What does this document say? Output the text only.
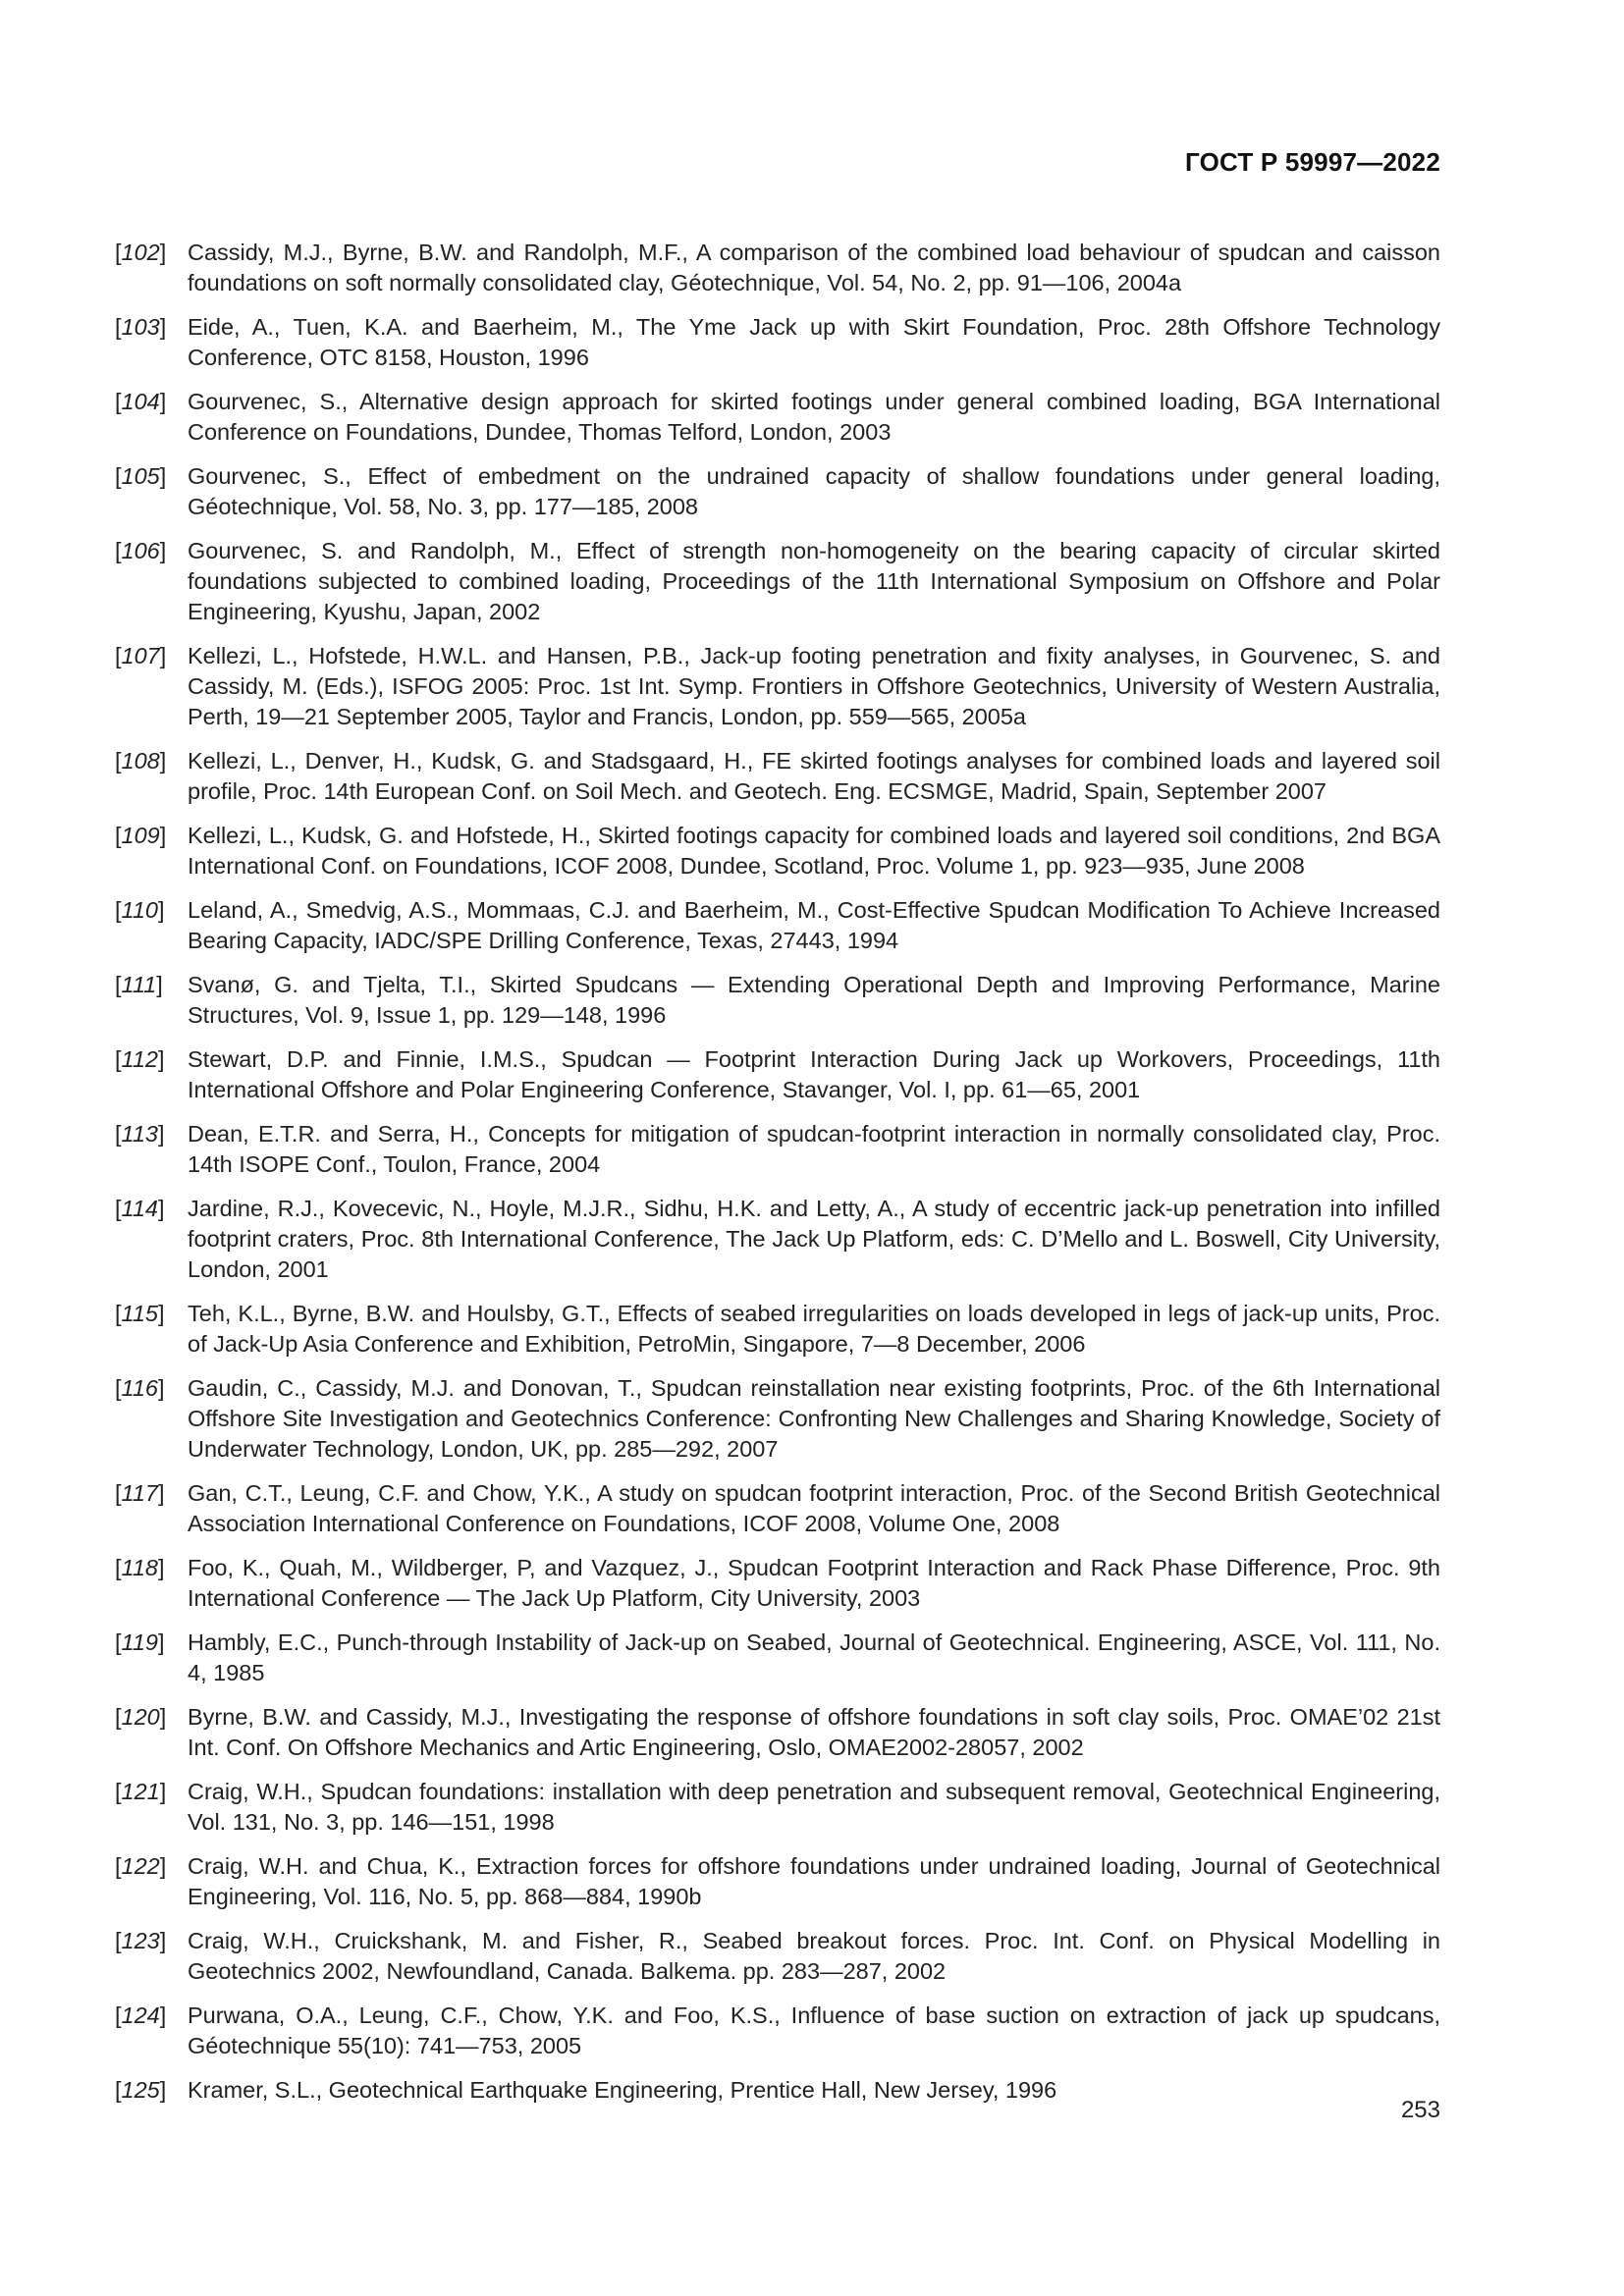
ГОСТ Р 59997—2022
[102] Cassidy, M.J., Byrne, B.W. and Randolph, M.F., A comparison of the combined load behaviour of spudcan and caisson foundations on soft normally consolidated clay, Géotechnique, Vol. 54, No. 2, pp. 91—106, 2004a
[103] Eide, A., Tuen, K.A. and Baerheim, M., The Yme Jack up with Skirt Foundation, Proc. 28th Offshore Technology Conference, OTC 8158, Houston, 1996
[104] Gourvenec, S., Alternative design approach for skirted footings under general combined loading, BGA International Conference on Foundations, Dundee, Thomas Telford, London, 2003
[105] Gourvenec, S., Effect of embedment on the undrained capacity of shallow foundations under general loading, Géotechnique, Vol. 58, No. 3, pp. 177—185, 2008
[106] Gourvenec, S. and Randolph, M., Effect of strength non-homogeneity on the bearing capacity of circular skirted foundations subjected to combined loading, Proceedings of the 11th International Symposium on Offshore and Polar Engineering, Kyushu, Japan, 2002
[107] Kellezi, L., Hofstede, H.W.L. and Hansen, P.B., Jack-up footing penetration and fixity analyses, in Gourvenec, S. and Cassidy, M. (Eds.), ISFOG 2005: Proc. 1st Int. Symp. Frontiers in Offshore Geotechnics, University of Western Australia, Perth, 19—21 September 2005, Taylor and Francis, London, pp. 559—565, 2005a
[108] Kellezi, L., Denver, H., Kudsk, G. and Stadsgaard, H., FE skirted footings analyses for combined loads and layered soil profile, Proc. 14th European Conf. on Soil Mech. and Geotech. Eng. ECSMGE, Madrid, Spain, September 2007
[109] Kellezi, L., Kudsk, G. and Hofstede, H., Skirted footings capacity for combined loads and layered soil conditions, 2nd BGA International Conf. on Foundations, ICOF 2008, Dundee, Scotland, Proc. Volume 1, pp. 923—935, June 2008
[110] Leland, A., Smedvig, A.S., Mommaas, C.J. and Baerheim, M., Cost-Effective Spudcan Modification To Achieve Increased Bearing Capacity, IADC/SPE Drilling Conference, Texas, 27443, 1994
[111]	Svanø, G. and Tjelta, T.I., Skirted Spudcans — Extending Operational Depth and Improving Performance, Marine Structures, Vol. 9, Issue 1, pp. 129—148, 1996
[112] Stewart, D.P. and Finnie, I.M.S., Spudcan — Footprint Interaction During Jack up Workovers, Proceedings, 11th International Offshore and Polar Engineering Conference, Stavanger, Vol. I, pp. 61—65, 2001
[113] Dean, E.T.R. and Serra, H., Concepts for mitigation of spudcan-footprint interaction in normally consolidated clay, Proc. 14th ISOPE Conf., Toulon, France, 2004
[114] Jardine, R.J., Kovecevic, N., Hoyle, M.J.R., Sidhu, H.K. and Letty, A., A study of eccentric jack-up penetration into infilled footprint craters, Proc. 8th International Conference, The Jack Up Platform, eds: C. D’Mello and L. Boswell, City University, London, 2001
[115] Teh, K.L., Byrne, B.W. and Houlsby, G.T., Effects of seabed irregularities on loads developed in legs of jack-up units, Proc. of Jack-Up Asia Conference and Exhibition, PetroMin, Singapore, 7—8 December, 2006
[116] Gaudin, C., Cassidy, M.J. and Donovan, T., Spudcan reinstallation near existing footprints, Proc. of the 6th International Offshore Site Investigation and Geotechnics Conference: Confronting New Challenges and Sharing Knowledge, Society of Underwater Technology, London, UK, pp. 285—292, 2007
[117] Gan, C.T., Leung, C.F. and Chow, Y.K., A study on spudcan footprint interaction, Proc. of the Second British Geotechnical Association International Conference on Foundations, ICOF 2008, Volume One, 2008
[118] Foo, K., Quah, M., Wildberger, P, and Vazquez, J., Spudcan Footprint Interaction and Rack Phase Difference, Proc. 9th International Conference — The Jack Up Platform, City University, 2003
[119] Hambly, E.C., Punch-through Instability of Jack-up on Seabed, Journal of Geotechnical. Engineering, ASCE, Vol. 111, No. 4, 1985
[120] Byrne, B.W. and Cassidy, M.J., Investigating the response of offshore foundations in soft clay soils, Proc. OMAE’02 21st Int. Conf. On Offshore Mechanics and Artic Engineering, Oslo, OMAE2002-28057, 2002
[121] Craig, W.H., Spudcan foundations: installation with deep penetration and subsequent removal, Geotechnical Engineering, Vol. 131, No. 3, pp. 146—151, 1998
[122] Craig, W.H. and Chua, K., Extraction forces for offshore foundations under undrained loading, Journal of Geotechnical Engineering, Vol. 116, No. 5, pp. 868—884, 1990b
[123] Craig, W.H., Cruickshank, M. and Fisher, R., Seabed breakout forces. Proc. Int. Conf. on Physical Modelling in Geotechnics 2002, Newfoundland, Canada. Balkema. pp. 283—287, 2002
[124] Purwana, O.A., Leung, C.F., Chow, Y.K. and Foo, K.S., Influence of base suction on extraction of jack up spudcans, Géotechnique 55(10): 741—753, 2005
[125] Kramer, S.L., Geotechnical Earthquake Engineering, Prentice Hall, New Jersey, 1996
253
